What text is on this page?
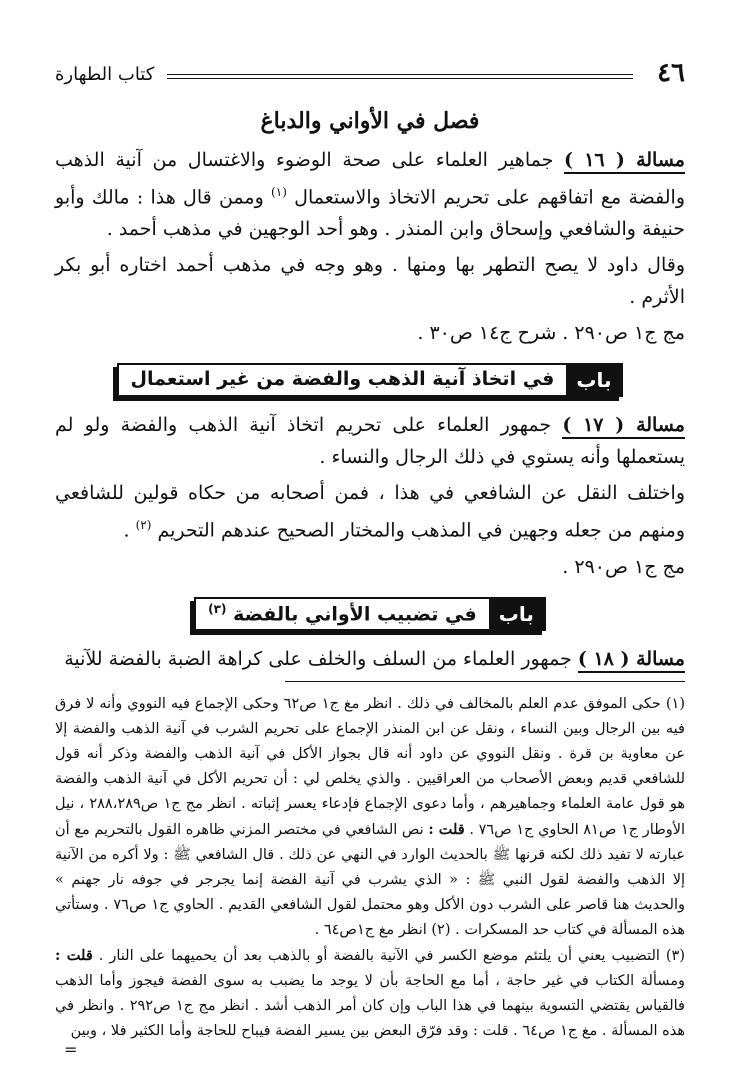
٤٦
كتاب الطهارة
فصل في الأواني والدباغ

مسالة ( ١٦ ) جماهير العلماء على صحة الوضوء والاغتسال من آنية الذهب والفضة مع اتفاقهم على تحريم الاتخاذ والاستعمال $^{(١)}$ وممن قال هذا : مالك وأبو حنيفة والشافعي وإسحاق وابن المنذر . وهو أحد الوجهين في مذهب أحمد .

وقال داود لا يصح التطهر بها ومنها . وهو وجه في مذهب أحمد اختاره أبو بكر الأثرم .

مج ج١ ص٢٩٠ . شرح ج١٤ ص٣٠ .

باب
في اتخاذ آنية الذهب والفضة من غير استعمال

مسالة ( ١٧ ) جمهور العلماء على تحريم اتخاذ آنية الذهب والفضة ولو لم يستعملها وأنه يستوي في ذلك الرجال والنساء .

واختلف النقل عن الشافعي في هذا ، فمن أصحابه من حكاه قولين للشافعي ومنهم من جعله وجهين في المذهب والمختار الصحيح عندهم التحريم $^{(٢)}$ .

مج ج١ ص٢٩٠ .

باب
في تضبيب الأواني بالفضة $^{(٣)}$

مسالة ( ١٨ ) جمهور العلماء من السلف والخلف على كراهة الضبة بالفضة للآنية

(١) حكى الموفق عدم العلم بالمخالف في ذلك . انظر مغ ج١ ص٦٢ وحكى الإجماع فيه النووي وأنه لا فرق فيه بين الرجال وبين النساء ، ونقل عن ابن المنذر الإجماع على تحريم الشرب في آنية الذهب والفضة إلا عن معاوية بن قرة . ونقل النووي عن داود أنه قال بجواز الأكل في آنية الذهب والفضة وذكر أنه قول للشافعي قديم وبعض الأصحاب من العراقيين . والذي يخلص لي : أن تحريم الأكل في آنية الذهب والفضة هو قول عامة العلماء وجماهيرهم ، وأما دعوى الإجماع فإدعاء يعسر إثباته . انظر مج ج١ ص٢٨٨،٢٨٩ ، نيل الأوطار ج١ ص٨١ الحاوي ج١ ص٧٦ . قلت : نص الشافعي في مختصر المزني ظاهره القول بالتحريم مع أن عبارته لا تفيد ذلك لكنه قرنها ﷺ بالحديث الوارد في النهي عن ذلك . قال الشافعي ﷺ : ولا أكره من الآنية إلا الذهب والفضة لقول النبي ﷺ : « الذي يشرب في آنية الفضة إنما يجرجر في جوفه نار جهنم » والحديث هنا قاصر على الشرب دون الأكل وهو محتمل لقول الشافعي القديم . الحاوي ج١ ص٧٦ . وستأتي هذه المسألة في كتاب حد المسكرات . (٢) انظر مغ ج١ص٦٤ .

(٣) التضبيب يعني أن يلتئم موضع الكسر في الآنية بالفضة أو بالذهب بعد أن يحميهما على النار . قلت : ومسألة الكتاب في غير حاجة ، أما مع الحاجة بأن لا يوجد ما يضبب به سوى الفضة فيجوز وأما الذهب فالقياس يقتضي التسوية بينهما في هذا الباب وإن كان أمر الذهب أشد . انظر مج ج١ ص٢٩٢ . وانظر في هذه المسألة . مغ ج١ ص٦٤ . قلت : وقد فرّق البعض بين يسير الفضة فيباح للحاجة وأما الكثير فلا ، وبين

=
